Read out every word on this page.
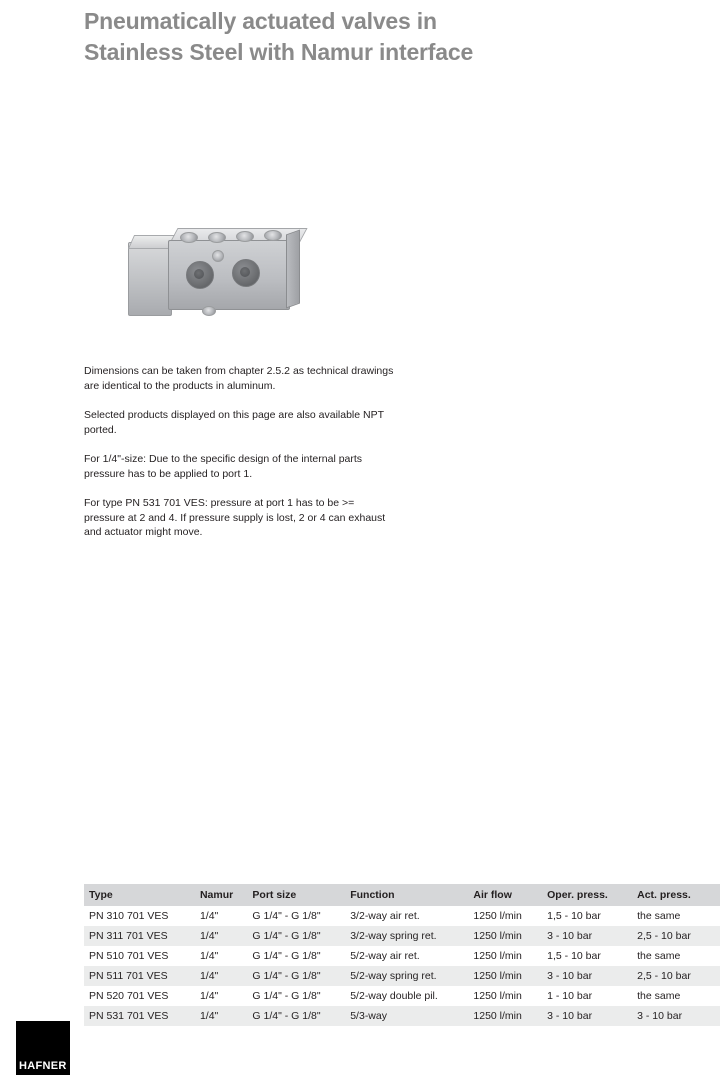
Pneumatically actuated valves in
Stainless Steel with Namur interface

Dimensions can be taken from chapter 2.5.2 as technical drawings are identical to the products in aluminum.

Selected products displayed on this page are also available NPT ported.

For 1/4"-size: Due to the specific design of the internal parts pressure has to be applied to port 1.

For type PN 531 701 VES: pressure at port 1 has to be >= pressure at 2 and 4. If pressure supply is lost, 2 or 4 can exhaust and actuator might move.

Type	Namur	Port size	Function	Air flow	Oper. press.	Act. press.
PN 310 701 VES	1/4"	G 1/4" - G 1/8"	3/2-way air ret.	1250 l/min	1,5 - 10 bar	the same
PN 311 701 VES	1/4"	G 1/4" - G 1/8"	3/2-way spring ret.	1250 l/min	3 - 10 bar	2,5 - 10 bar
PN 510 701 VES	1/4"	G 1/4" - G 1/8"	5/2-way air ret.	1250 l/min	1,5 - 10 bar	the same
PN 511 701 VES	1/4"	G 1/4" - G 1/8"	5/2-way spring ret.	1250 l/min	3 - 10 bar	2,5 - 10 bar
PN 520 701 VES	1/4"	G 1/4" - G 1/8"	5/2-way double pil.	1250 l/min	1 - 10 bar	the same
PN 531 701 VES	1/4"	G 1/4" - G 1/8"	5/3-way	1250 l/min	3 - 10 bar	3 - 10 bar
HAFNER
